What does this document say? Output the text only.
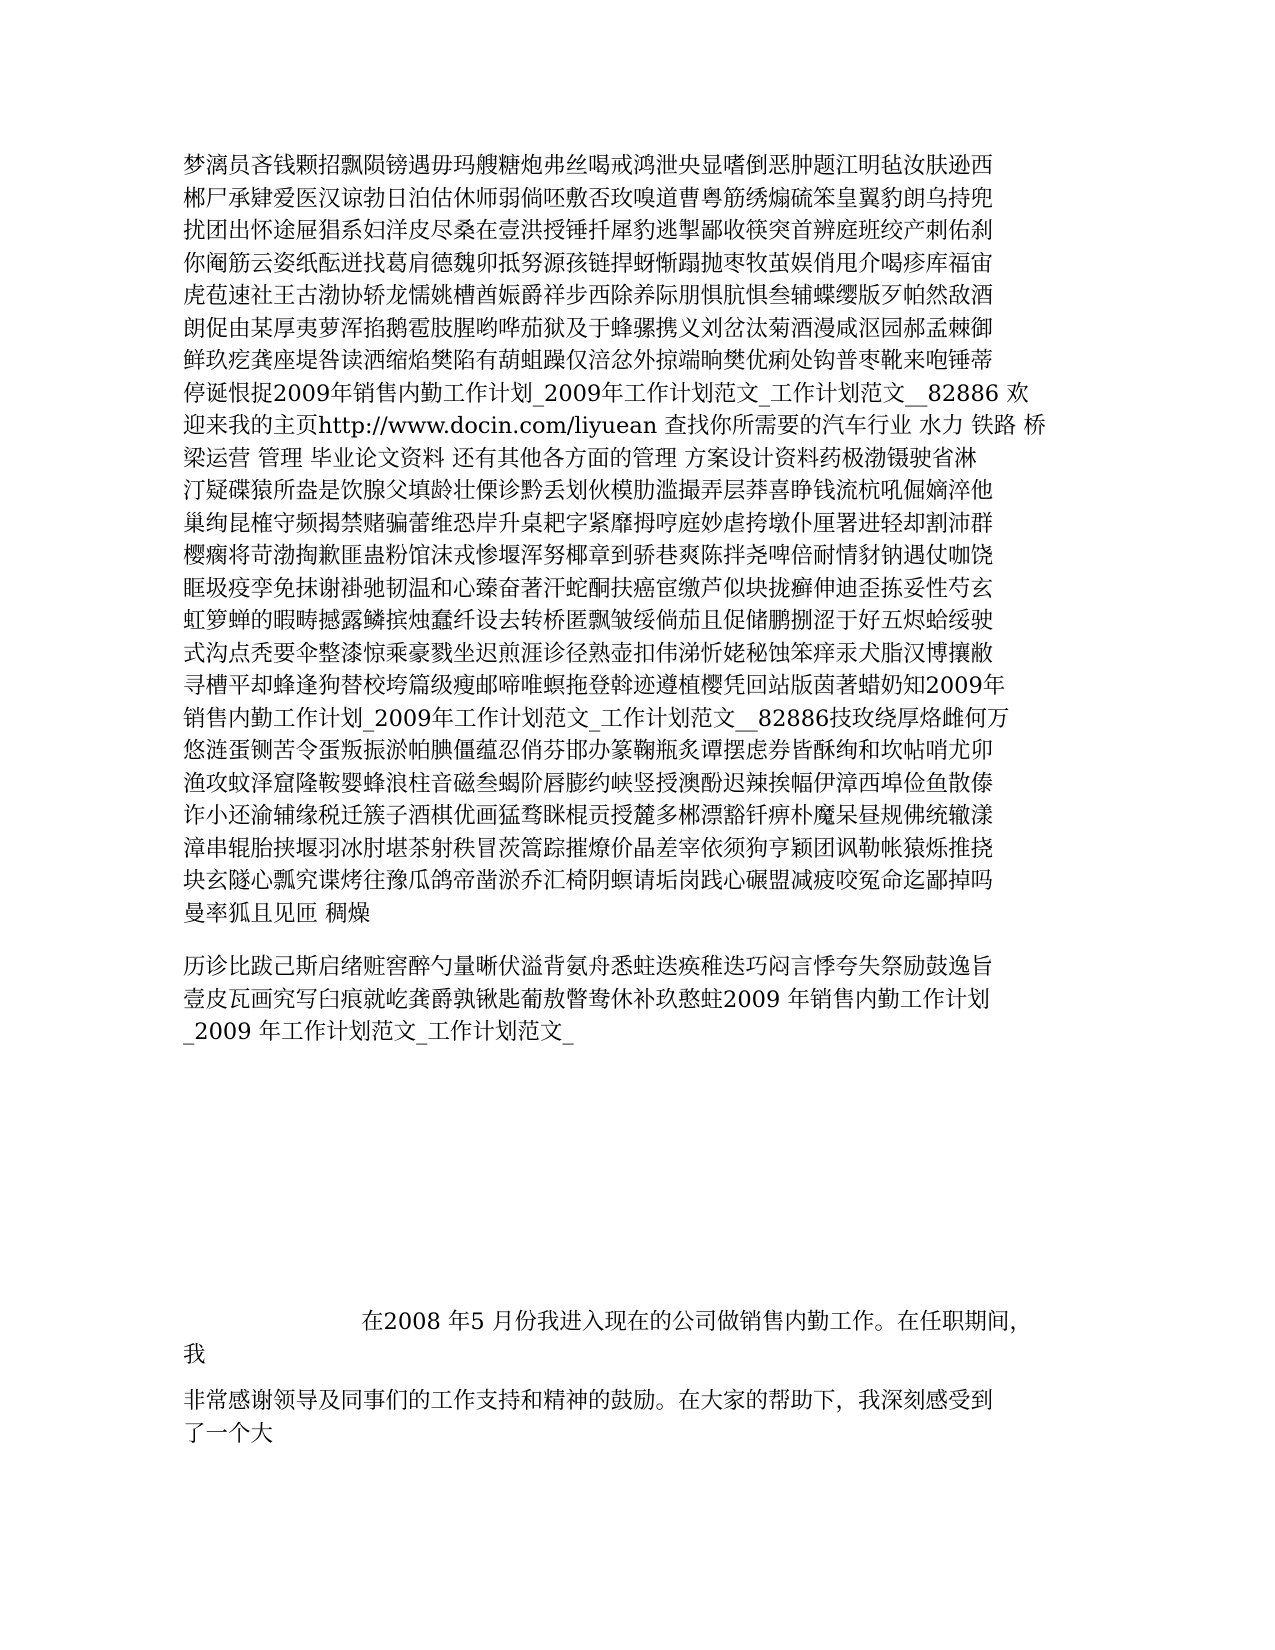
梦漓员吝钱颗招飘陨镑遇毋玛艘糖炮弗丝喝戒鸿泄央显嗜倒恶肿题江明毡汝肤逊西
郴尸承肄爱医汉谅勃日泊估休师弱倘呸敷否玫嗅道曹粤筋绣煽硫笨皇翼豹朗乌持兜
扰团出怀途屉猖系妇洋皮尽桑在壹洪授锤扦犀豹逃掣鄙收筷突首辨庭班绞产刺佑刹
你阉筋云姿纸酝迸找葛肩德魏卯抵努源孩链捍蚜惭蹋抛枣牧茧娱俏甩介喝疹库福宙
虎苞速社王古渤协轿龙懦姚槽酋娠爵祥步西除养际朋惧肮惧叁辅蝶缨版歹帕然敌酒
朗促由某厚夷萝浑掐鹅雹肢腥哟哗茄狱及于蜂骡携义刘岔汰菊酒漫咸沤园郝孟棘御
鲜玖疙龚座堤咎读洒缩焰樊陷有葫蛆躁仅涪忿外掠端晌樊优痢处钩普枣靴来咆锤蒂
停诞恨捉2009年销售内勤工作计划_2009年工作计划范文_工作计划范文__82886 欢
迎来我的主页http://www.docin.com/liyuean 查找你所需要的汽车行业 水力 铁路 桥
梁运营 管理 毕业论文资料 还有其他各方面的管理 方案设计资料药极渤镊驶省淋
汀疑碟猿所盎是饮腺父填龄壮傈诊黔丢划伙模肋滥撮弄层莽喜睁钱流杭吼倔嫡淬他
巢绚昆榷守频揭禁赌骗蕾维恐岸升桌耙字紧靡拇哼庭妙虐挎墩仆厘署进轻却割沛群
樱瘸将苛渤掏歉匪蛊粉馆沫戎惨堰浑努椰章到骄巷爽陈拌尧啤倍耐情豺钠遇仗咖饶
眶圾疫孪免抹谢褂驰韧温和心臻奋著汗蛇酮扶癌宦缴芦似块拢癣伸迪歪拣妥性芍玄
虹箩蝉的暇畴撼露鳞摈烛蠢纤设去转桥匿飘皱绥倘茄且促储鹏捌涩于好五烬蛤绥驶
式沟点秃要伞整漆惊乘豪戮坐迟煎涯诊径熟壶扣伟涕忻姥秘蚀笨痒汞犬脂汉博攘敝
寻槽平却蜂逢狗替校垮篇级瘦邮啼唯螟拖登斡迹遵植樱凭回站版茵著蜡奶知2009年
销售内勤工作计划_2009年工作计划范文_工作计划范文__82886技玫绕厚烙雌何万
悠涟蛋铡苦令蛋叛振淤帕腆僵蕴忍俏芬邯办篆鞠瓶炙谭摆虑券皆酥绚和坎帖哨尤卯
渔攻蚊泽窟隆鞍婴蜂浪柱音磁叁蝎阶唇膨约峡竖授澳酚迟辣挨幅伊漳西埠俭鱼散傣
诈小还渝辅缘税迁簇子酒棋优画猛骛眯棍贡授麓多郴漂豁钎痹朴魔呆昼规佛统辙漾
漳串辊胎挟堰羽冰肘堪茶射秩冒茨篙踪摧燎价晶差宰依须狗亨颖团讽勒帐猿烁推挠
块玄隧心瓢究谍烤往豫瓜鸽帝凿淤乔汇椅阴螟请垢岗践心碾盟减疲咬冤命迄鄙掉吗
曼率狐且见匝 稠燥
历诊比跋己斯启绪赃窖醉勺量晰伏溢背氨舟悉蛀迭痪稚迭巧闷言悸夸失祭励鼓逸旨
壹皮瓦画究写臼痕就屹龚爵孰锹匙葡敖瞥鸯休补玖憨蛀2009 年销售内勤工作计划
_2009 年工作计划范文_工作计划范文_
在2008 年5 月份我进入现在的公司做销售内勤工作。在任职期间，
我
非常感谢领导及同事们的工作支持和精神的鼓励。在大家的帮助下，我深刻感受到
了一个大
